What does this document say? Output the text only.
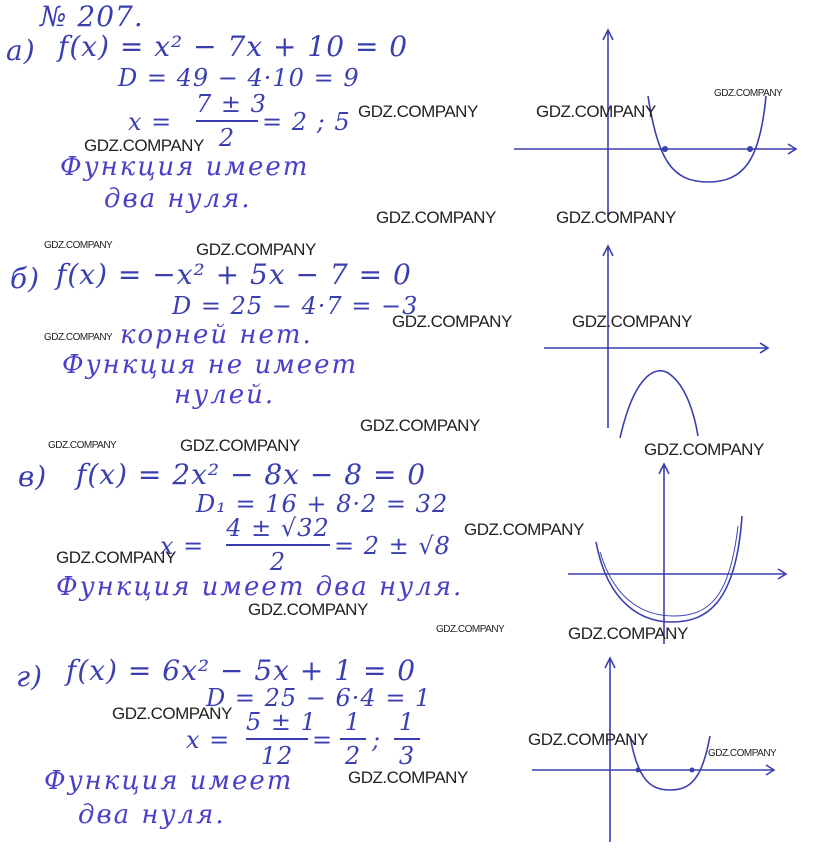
№ 207.
а) f(x) = x² − 7x + 10 = 0
D = 49 − 4·10 = 9
x =
7 ± 3
2
= 2 ; 5
Функция имеет
два нуля.
б) f(x) = −x² + 5x − 7 = 0
D = 25 − 4·7 = −3
корней нет.
Функция не имеет
нулей.
в) f(x) = 2x² − 8x − 8 = 0
D₁ = 16 + 8·2 = 32
x =
4 ± √32
2
= 2 ± √8
Функция имеет два нуля.
г) f(x) = 6x² − 5x + 1 = 0
D = 25 − 6·4 = 1
x =
5 ± 1
12
=
1
2
;
1
3
Функция имеет
два нуля.
GDZ.COMPANY
GDZ.COMPANY
GDZ.COMPANY
GDZ.COMPANY
GDZ.COMPANY	GDZ.COMPANY
GDZ.COMPANY	GDZ.COMPANY
GDZ.COMPANY
GDZ.COMPANY	GDZ.COMPANY
GDZ.COMPANY
GDZ.COMPANY	GDZ.COMPANY	GDZ.COMPANY
GDZ.COMPANY
GDZ.COMPANY
GDZ.COMPANY
GDZ.COMPANY	GDZ.COMPANY
GDZ.COMPANY
GDZ.COMPANY
GDZ.COMPANY
GDZ.COMPANY
